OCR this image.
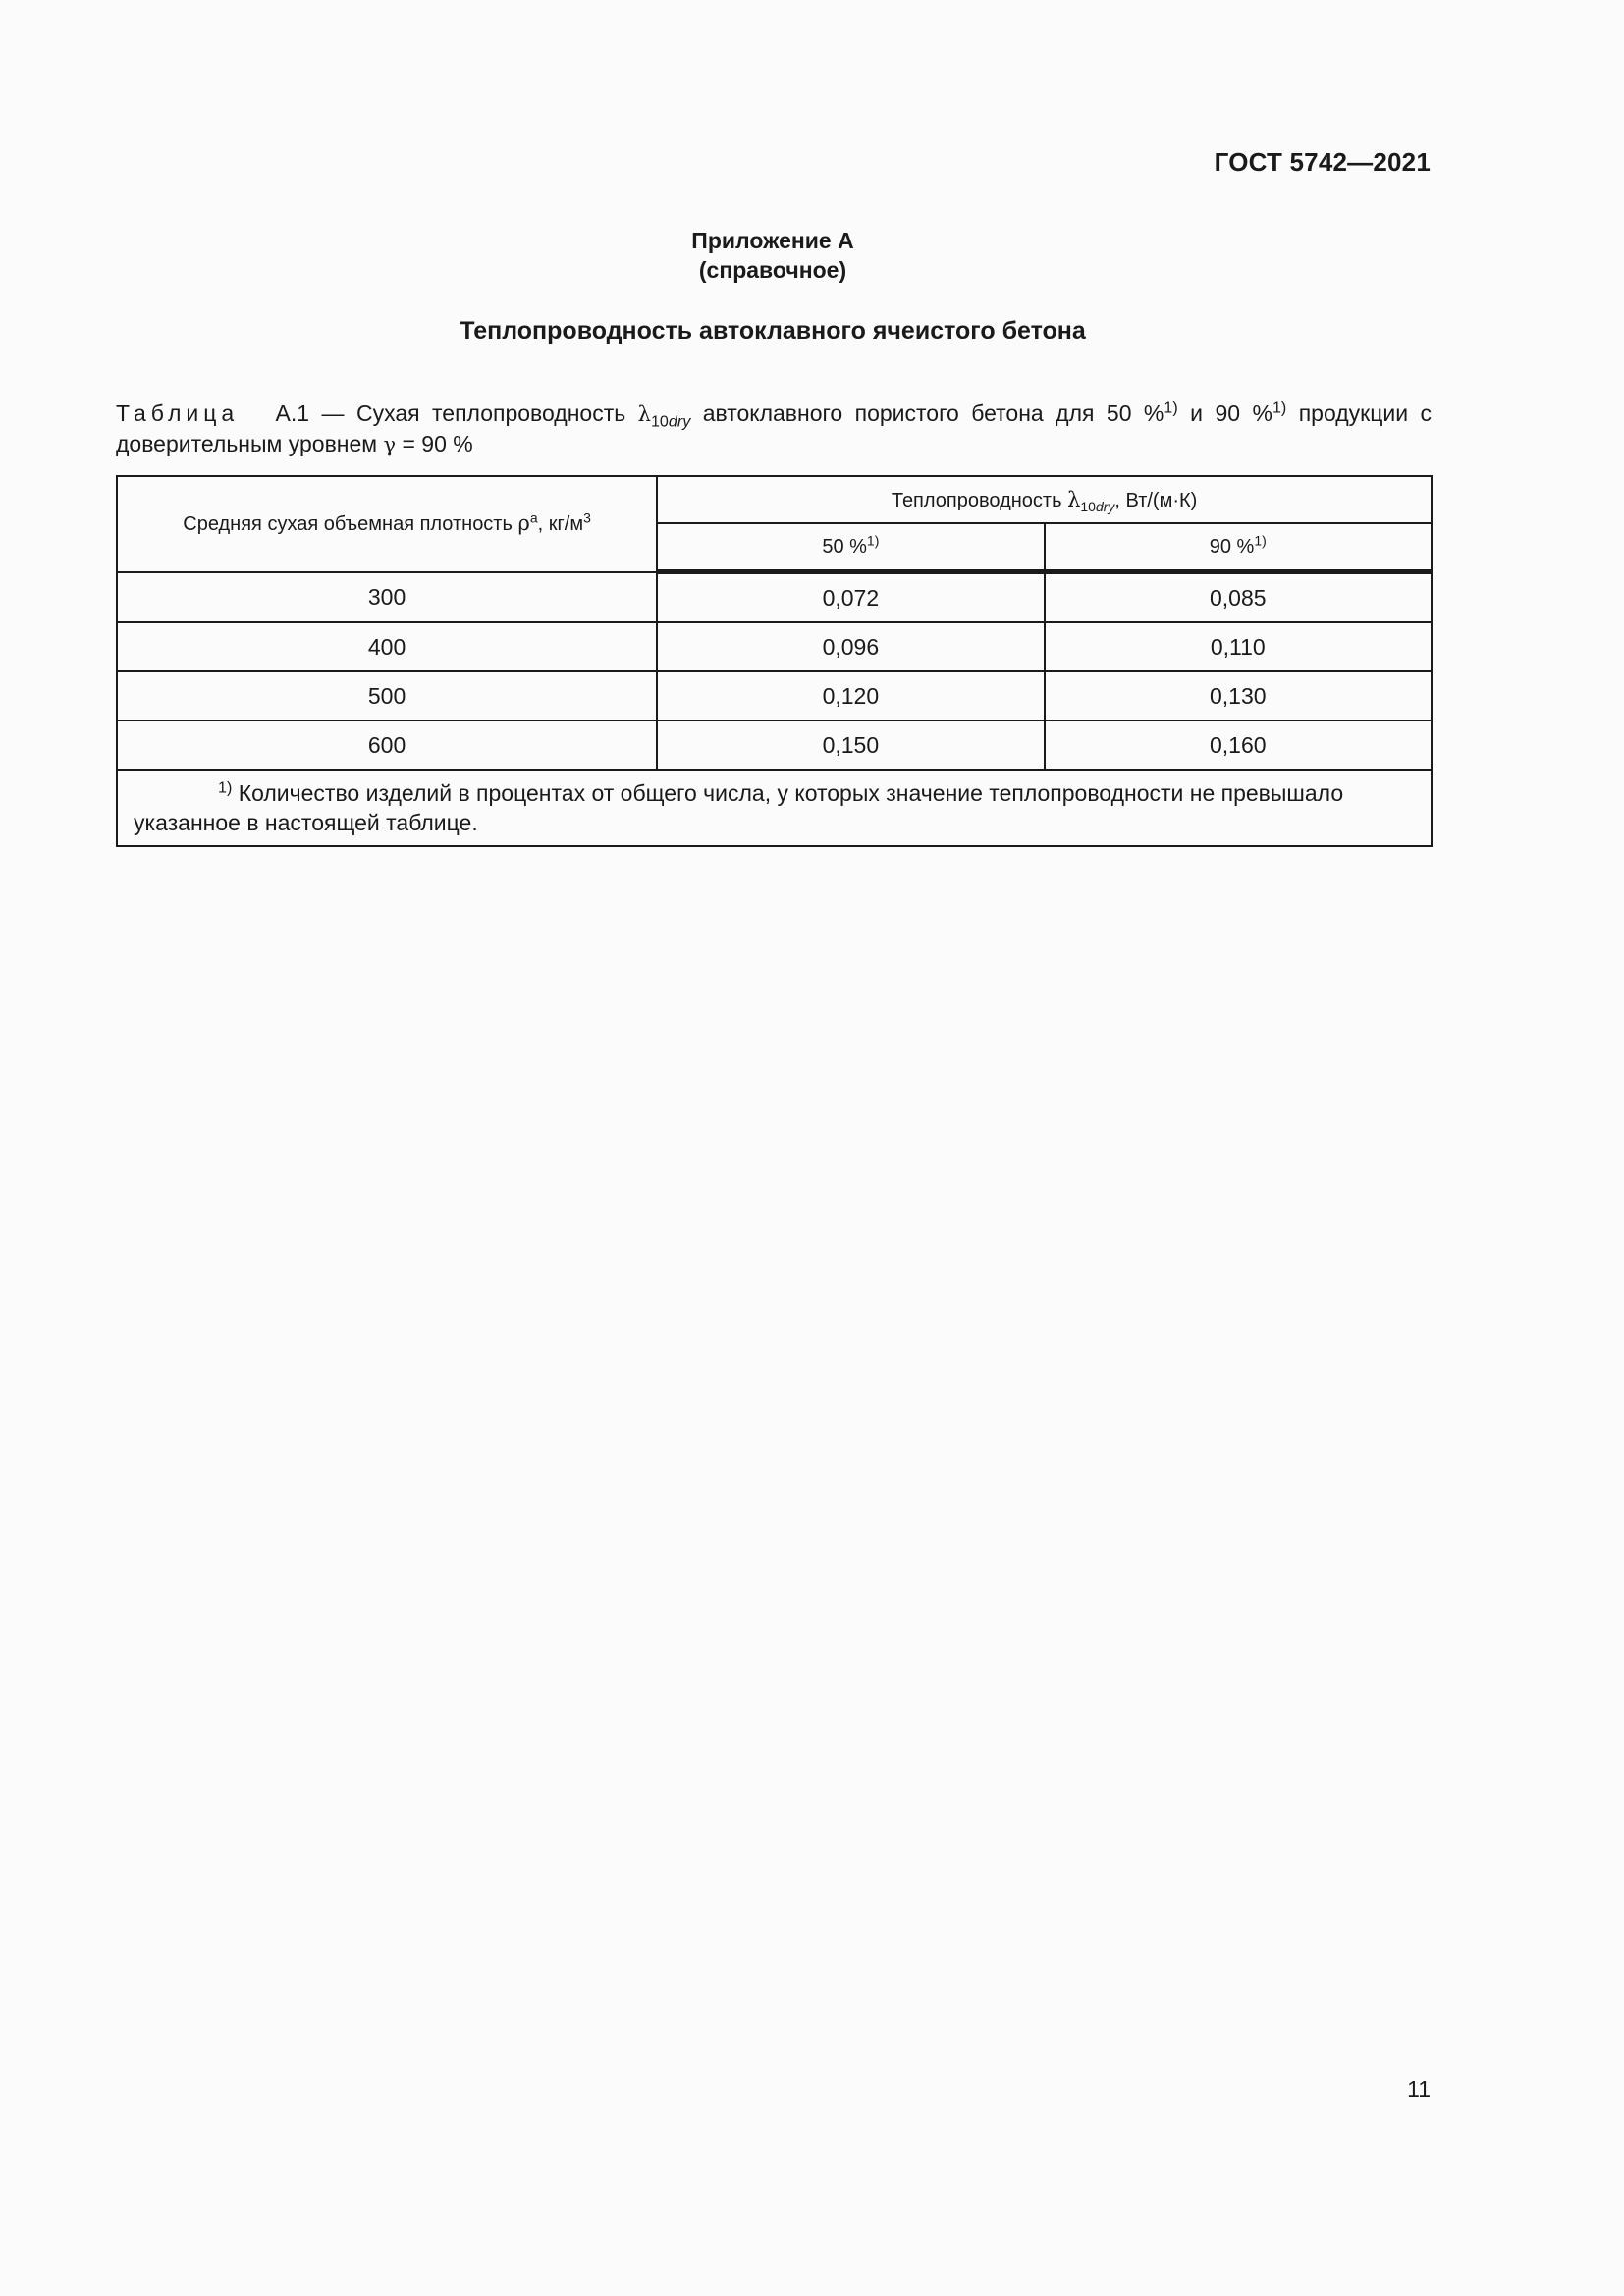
ГОСТ 5742—2021
Приложение А
(справочное)
Теплопроводность автоклавного ячеистого бетона
Таблица А.1 — Сухая теплопроводность $\lambda_{10dry}$ автоклавного пористого бетона для 50 %$^{1)}$ и 90 %$^{1)}$ продукции с доверительным уровнем γ = 90 %
Средняя сухая объемная плотность $\rho^a$, $кг/м^3$	Теплопроводность $\lambda_{10dry}$, Вт/(м·К)	
	50 %$^{1)}$	90 %$^{1)}$
300	0,072	0,085
400	0,096	0,110
500	0,120	0,130
600	0,150	0,160
$^{1)}$ Количество изделий в процентах от общего числа, у которых значение теплопроводности не превышало указанное в настоящей таблице.		
11
